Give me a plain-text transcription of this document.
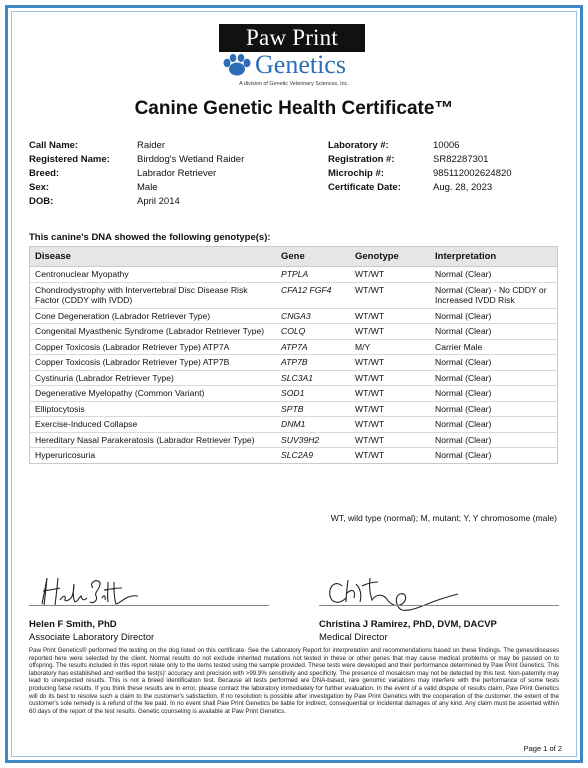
Paw Print
Genetics
A division of Genetic Veterinary Sciences, Inc.
Canine Genetic Health Certificate™
Call Name:	Raider
Registered Name:	Birddog's Wetland Raider
Breed:	Labrador Retriever
Sex:	Male
DOB:	April 2014
Laboratory #:	10006
Registration #:	SR82287301
Microchip #:	985112002624820
Certificate Date:	Aug. 28, 2023
This canine's DNA showed the following genotype(s):
Disease	Gene	Genotype	Interpretation
Centronuclear Myopathy	PTPLA	WT/WT	Normal (Clear)
Chondrodystrophy with Intervertebral Disc Disease Risk Factor (CDDY with IVDD)	CFA12 FGF4	WT/WT	Normal (Clear) - No CDDY or Increased IVDD Risk
Cone Degeneration (Labrador Retriever Type)	CNGA3	WT/WT	Normal (Clear)
Congenital Myasthenic Syndrome (Labrador Retriever Type)	COLQ	WT/WT	Normal (Clear)
Copper Toxicosis (Labrador Retriever Type) ATP7A	ATP7A	M/Y	Carrier Male
Copper Toxicosis (Labrador Retriever Type) ATP7B	ATP7B	WT/WT	Normal (Clear)
Cystinuria (Labrador Retriever Type)	SLC3A1	WT/WT	Normal (Clear)
Degenerative Myelopathy (Common Variant)	SOD1	WT/WT	Normal (Clear)
Elliptocytosis	SPTB	WT/WT	Normal (Clear)
Exercise-Induced Collapse	DNM1	WT/WT	Normal (Clear)
Hereditary Nasal Parakeratosis (Labrador Retriever Type)	SUV39H2	WT/WT	Normal (Clear)
Hyperuricosuria	SLC2A9	WT/WT	Normal (Clear)
WT, wild type (normal); M, mutant; Y, Y chromosome (male)
Helen F Smith, PhD
Associate Laboratory Director
Christina J Ramirez, PhD, DVM, DACVP
Medical Director
Paw Print Genetics® performed the testing on the dog listed on this certificate. See the Laboratory Report for interpretation and recommendations based on these findings. The genes/diseases reported here were selected by the client. Normal results do not exclude inherited mutations not tested in these or other genes that may cause medical problems or may be passed on to offspring. The results included in this report relate only to the items tested using the sample provided. These tests were developed and their performance determined by Paw Print Genetics. This laboratory has established and verified the test(s)' accuracy and precision with >99.9% sensitivity and specificity. The presence of mosaicism may not be detected by this test. Non-paternity may lead to unexpected results. This is not a breed identification test. Because all tests performed are DNA-based, rare genomic variations may interfere with the performance of some tests producing false results. If you think these results are in error, please contact the laboratory immediately for further evaluation. In the event of a valid dispute of results claim, Paw Print Genetics will do its best to resolve such a claim to the customer's satisfaction. If no resolution is possible after investigation by Paw Print Genetics with the cooperation of the customer, the extent of the customer's sole remedy is a refund of the fee paid. In no event shall Paw Print Genetics be liable for indirect, consequential or incidental damages of any kind. Any claim must be asserted within 60 days of the report of the test results. Genetic counseling is available at Paw Print Genetics.
Page 1 of 2
